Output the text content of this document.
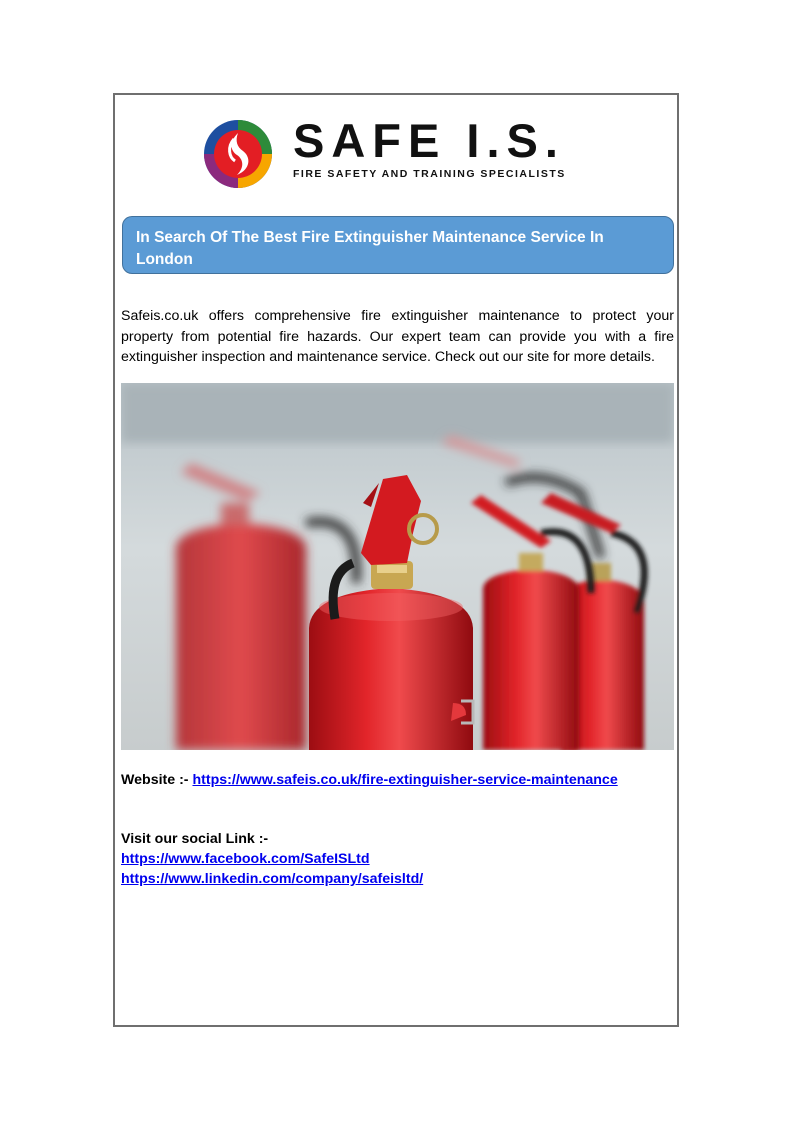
SAFE I.S.
FIRE SAFETY AND TRAINING SPECIALISTS
In Search Of The Best Fire Extinguisher Maintenance Service In London
Safeis.co.uk offers comprehensive fire extinguisher maintenance to protect your property from potential fire hazards. Our expert team can provide you with a fire extinguisher inspection and maintenance service. Check out our site for more details.
Website :- https://www.safeis.co.uk/fire-extinguisher-service-maintenance
Visit our social Link :-
https://www.facebook.com/SafeISLtd
https://www.linkedin.com/company/safeisltd/
